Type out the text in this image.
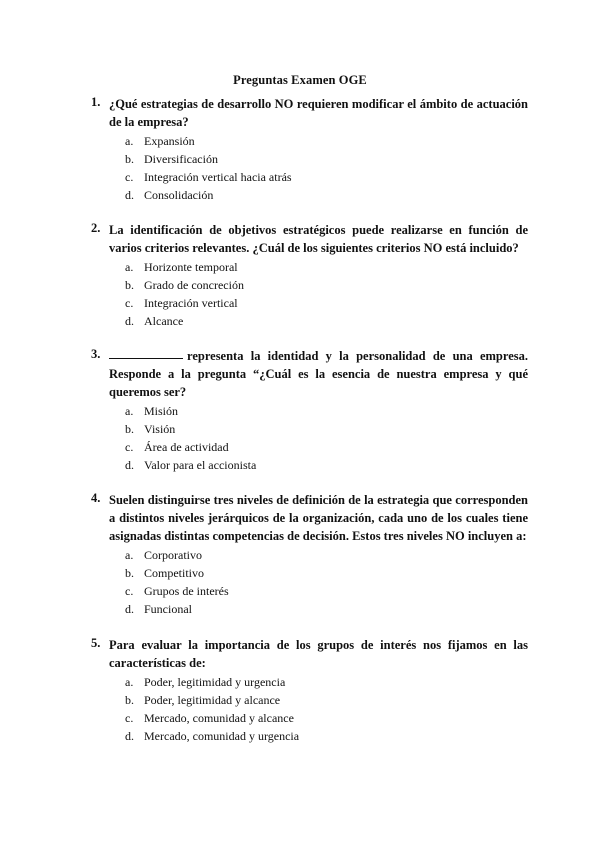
Preguntas Examen OGE
1. ¿Qué estrategias de desarrollo NO requieren modificar el ámbito de actuación de la empresa?
a. Expansión
b. Diversificación
c. Integración vertical hacia atrás
d. Consolidación
2. La identificación de objetivos estratégicos puede realizarse en función de varios criterios relevantes. ¿Cuál de los siguientes criterios NO está incluido?
a. Horizonte temporal
b. Grado de concreción
c. Integración vertical
d. Alcance
3.	representa la identidad y la personalidad de una empresa. Responde a la pregunta “¿Cuál es la esencia de nuestra empresa y qué queremos ser?
a. Misión
b. Visión
c. Área de actividad
d. Valor para el accionista
4. Suelen distinguirse tres niveles de definición de la estrategia que corresponden a distintos niveles jerárquicos de la organización, cada uno de los cuales tiene asignadas distintas competencias de decisión. Estos tres niveles NO incluyen a:
a. Corporativo
b. Competitivo
c. Grupos de interés
d. Funcional
5. Para evaluar la importancia de los grupos de interés nos fijamos en las características de:
a. Poder, legitimidad y urgencia
b. Poder, legitimidad y alcance
c. Mercado, comunidad y alcance
d. Mercado, comunidad y urgencia
